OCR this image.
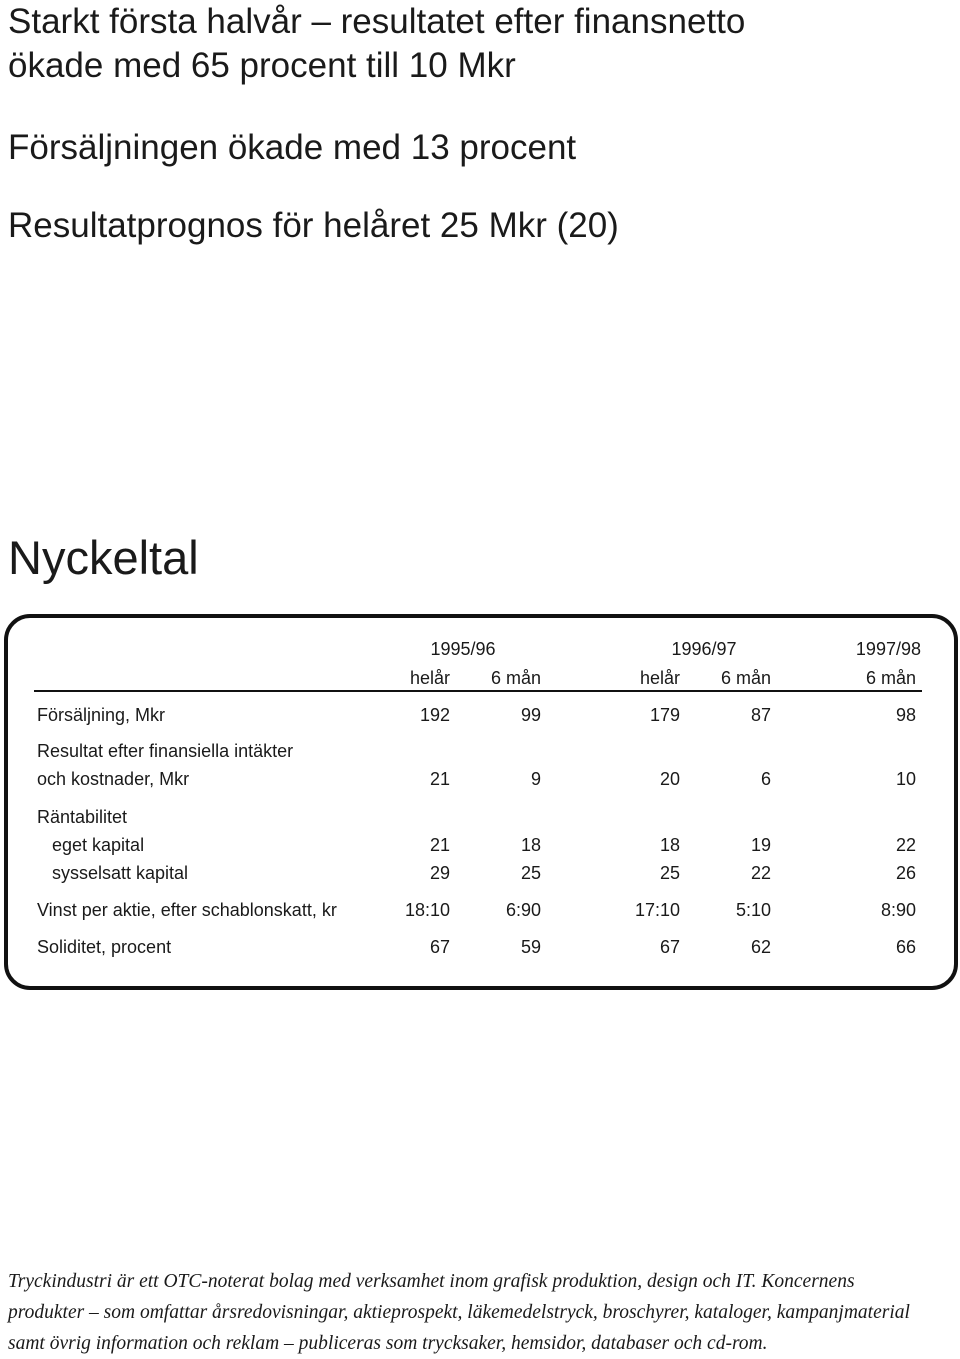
Starkt första halvår – resultatet efter finansnetto
ökade med 65 procent till 10 Mkr
Försäljningen ökade med 13 procent
Resultatprognos för helåret 25 Mkr (20)
Nyckeltal
1995/96	1996/97	1997/98
helår	6 mån	helår	6 mån	6 mån
Försäljning, Mkr	192	99	179	87	98
Resultat efter finansiella intäkter
och kostnader, Mkr	21	9	20	6	10
Räntabilitet
eget kapital	21	18	18	19	22
sysselsatt kapital	29	25	25	22	26
Vinst per aktie, efter schablonskatt, kr	18:10	6:90	17:10	5:10	8:90
Soliditet, procent	67	59	67	62	66

Tryckindustri är ett OTC-noterat bolag med verksamhet inom grafisk produktion, design och IT. Koncernens
produkter – som omfattar årsredovisningar, aktieprospekt, läkemedelstryck, broschyrer, kataloger, kampanjmaterial
samt övrig information och reklam – publiceras som trycksaker, hemsidor, databaser och cd-rom.
